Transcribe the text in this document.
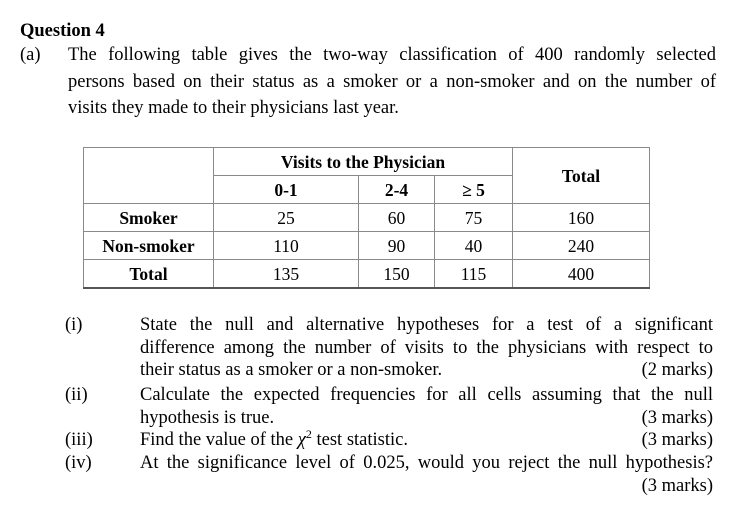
Question 4
(a) The following table gives the two-way classification of 400 randomly selected
persons based on their status as a smoker or a non-smoker and on the number of
visits they made to their physicians last year.
	Visits to the Physician			Total
	0-1	2-4	≥ 5	
Smoker	25	60	75	160
Non-smoker	110	90	40	240
Total	135	150	115	400
(i)	State the null and alternative hypotheses for a test of a significant
difference among the number of visits to the physicians with respect to
their status as a smoker or a non-smoker.	(2 marks)
(ii)	Calculate the expected frequencies for all cells assuming that the null
hypothesis is true.	(3 marks)
(iii)	Find the value of the $\chi^2$ test statistic.	(3 marks)
(iv)	At the significance level of 0.025, would you reject the null hypothesis?
(3 marks)
